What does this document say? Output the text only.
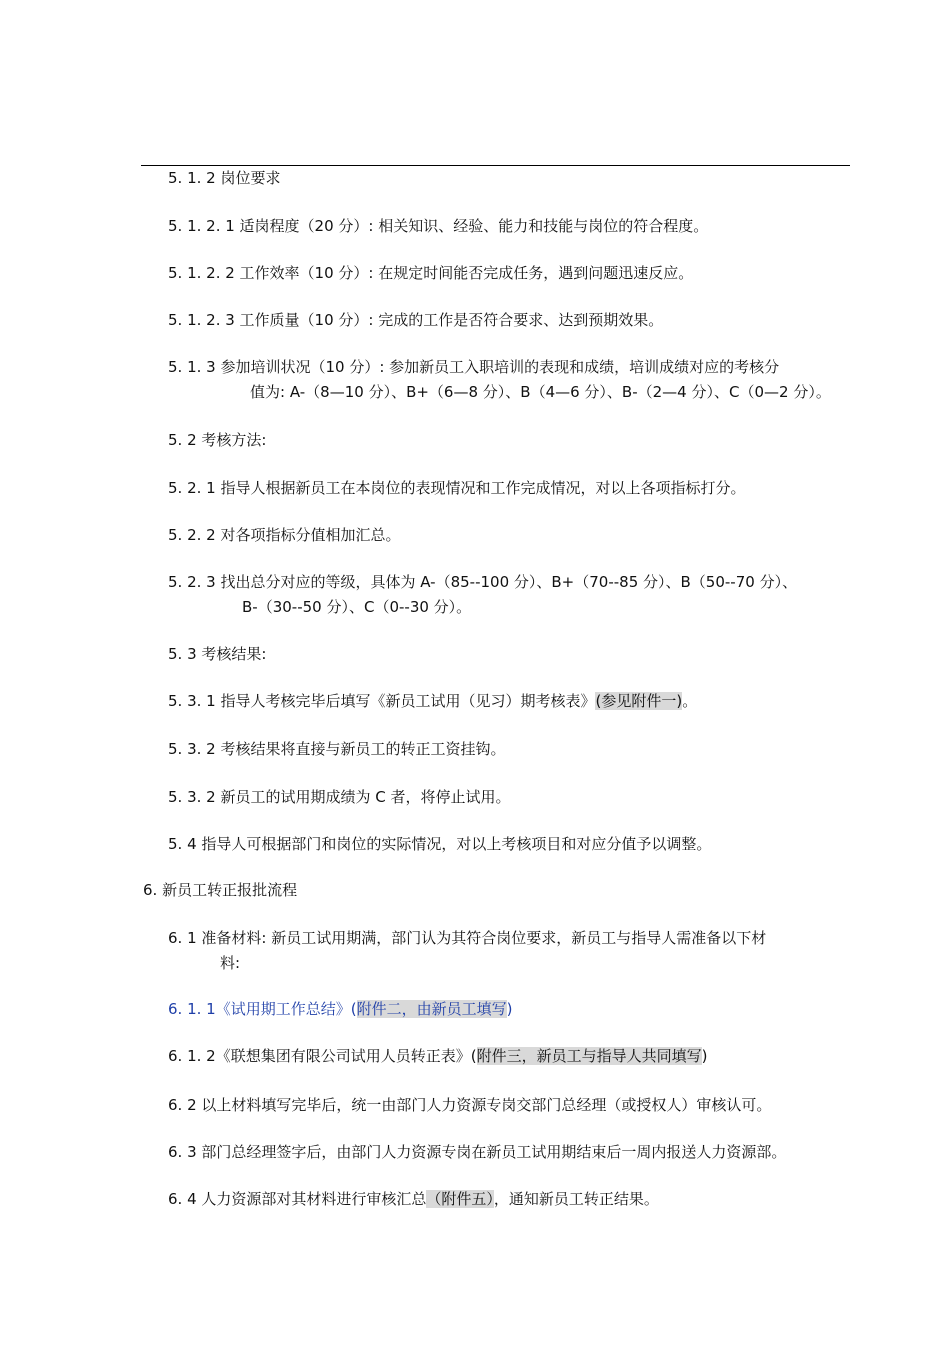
5. 1. 2 岗位要求

5. 1. 2. 1 适岗程度（20 分）: 相关知识、经验、能力和技能与岗位的符合程度。

5. 1. 2. 2 工作效率（10 分）: 在规定时间能否完成任务，遇到问题迅速反应。

5. 1. 2. 3 工作质量（10 分）: 完成的工作是否符合要求、达到预期效果。

5. 1. 3 参加培训状况（10 分）: 参加新员工入职培训的表现和成绩，培训成绩对应的考核分

值为: A-（8—10 分）、B+（6—8 分）、B（4—6 分）、B-（2—4 分）、C（0—2 分）。

5. 2 考核方法:

5. 2. 1 指导人根据新员工在本岗位的表现情况和工作完成情况，对以上各项指标打分。

5. 2. 2 对各项指标分值相加汇总。

5. 2. 3 找出总分对应的等级，具体为 A-（85--100 分）、B+（70--85 分）、B（50--70 分）、

B-（30--50 分）、C（0--30 分）。

5. 3 考核结果:

5. 3. 1 指导人考核完毕后填写《新员工试用（见习）期考核表》(参见附件一)。

5. 3. 2 考核结果将直接与新员工的转正工资挂钩。

5. 3. 2 新员工的试用期成绩为 C 者，将停止试用。

5. 4 指导人可根据部门和岗位的实际情况，对以上考核项目和对应分值予以调整。

6. 新员工转正报批流程

6. 1 准备材料: 新员工试用期满，部门认为其符合岗位要求，新员工与指导人需准备以下材

料:

6. 1. 1《试用期工作总结》(附件二，由新员工填写)

6. 1. 2《联想集团有限公司试用人员转正表》(附件三，新员工与指导人共同填写)

6. 2 以上材料填写完毕后，统一由部门人力资源专岗交部门总经理（或授权人）审核认可。

6. 3 部门总经理签字后，由部门人力资源专岗在新员工试用期结束后一周内报送人力资源部。

6. 4 人力资源部对其材料进行审核汇总（附件五），通知新员工转正结果。
